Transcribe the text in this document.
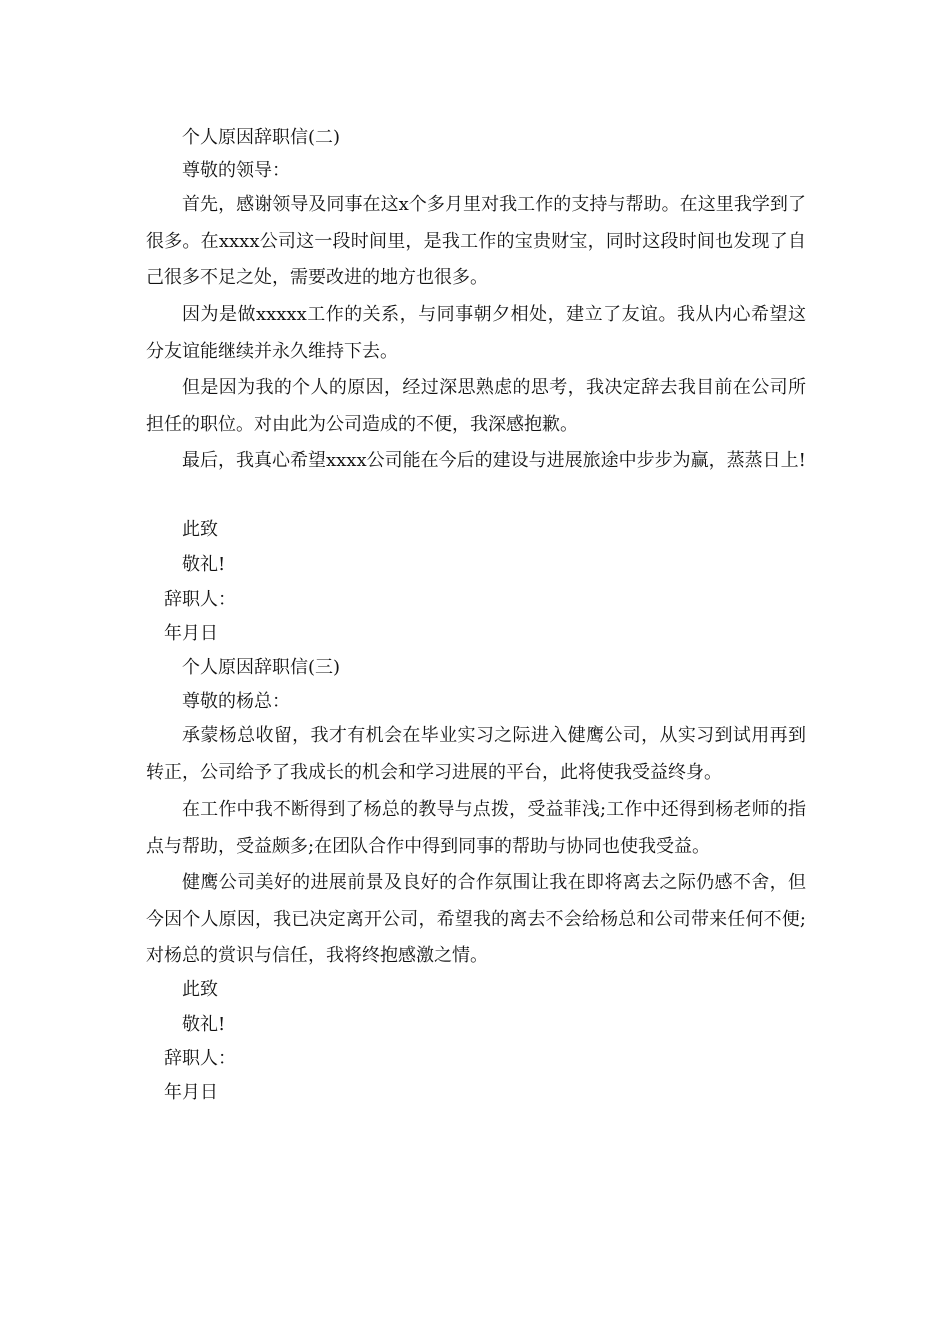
个人原因辞职信(二)
尊敬的领导：

首先，感谢领导及同事在这x个多月里对我工作的支持与帮助。在这里我学到了很多。在xxxx公司这一段时间里，是我工作的宝贵财宝，同时这段时间也发现了自己很多不足之处，需要改进的地方也很多。

因为是做xxxxx工作的关系，与同事朝夕相处，建立了友谊。我从内心希望这分友谊能继续并永久维持下去。

但是因为我的个人的原因，经过深思熟虑的思考，我决定辞去我目前在公司所担任的职位。对由此为公司造成的不便，我深感抱歉。

最后，我真心希望xxxx公司能在今后的建设与进展旅途中步步为赢，蒸蒸日上!

此致
敬礼!
辞职人：
年月日
个人原因辞职信(三)
尊敬的杨总：

承蒙杨总收留，我才有机会在毕业实习之际进入健鹰公司，从实习到试用再到转正，公司给予了我成长的机会和学习进展的平台，此将使我受益终身。

在工作中我不断得到了杨总的教导与点拨，受益菲浅;工作中还得到杨老师的指点与帮助，受益颇多;在团队合作中得到同事的帮助与协同也使我受益。

健鹰公司美好的进展前景及良好的合作氛围让我在即将离去之际仍感不舍，但今因个人原因，我已决定离开公司，希望我的离去不会给杨总和公司带来任何不便;对杨总的赏识与信任，我将终抱感激之情。

此致
敬礼!
辞职人：
年月日
